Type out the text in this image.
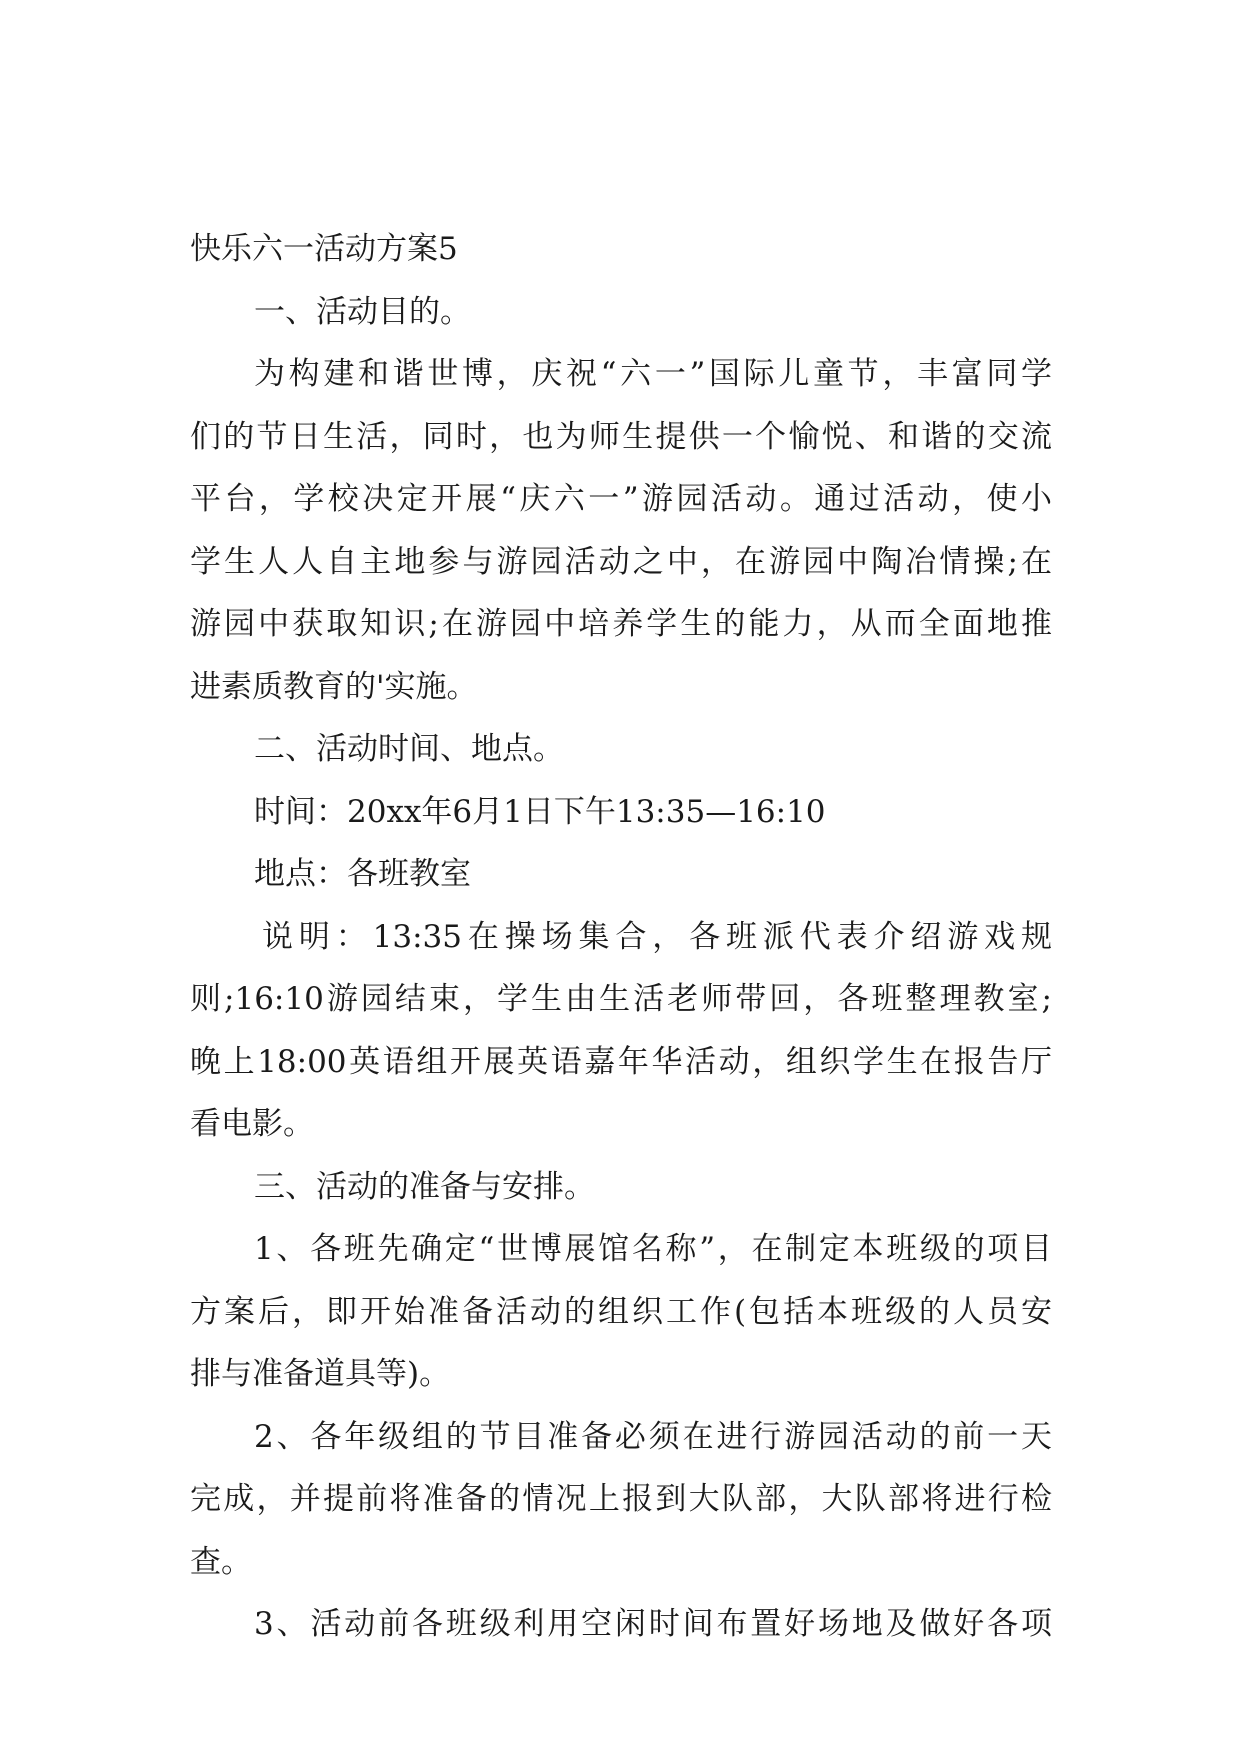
快乐六一活动方案5
一、活动目的。
为构建和谐世博，庆祝“六一”国际儿童节，丰富同学
们的节日生活，同时，也为师生提供一个愉悦、和谐的交流
平台，学校决定开展“庆六一”游园活动。通过活动，使小
学生人人自主地参与游园活动之中，在游园中陶冶情操;在
游园中获取知识;在游园中培养学生的能力，从而全面地推
进素质教育的'实施。
二、活动时间、地点。
时间：20xx年6月1日下午13:35—16:10
地点：各班教室
说明：13:35在操场集合，各班派代表介绍游戏规
则;16:10游园结束，学生由生活老师带回，各班整理教室;
晚上18:00英语组开展英语嘉年华活动，组织学生在报告厅
看电影。
三、活动的准备与安排。
1、各班先确定“世博展馆名称”，在制定本班级的项目
方案后，即开始准备活动的组织工作(包括本班级的人员安
排与准备道具等)。
2、各年级组的节目准备必须在进行游园活动的前一天
完成，并提前将准备的情况上报到大队部，大队部将进行检
查。
3、活动前各班级利用空闲时间布置好场地及做好各项
